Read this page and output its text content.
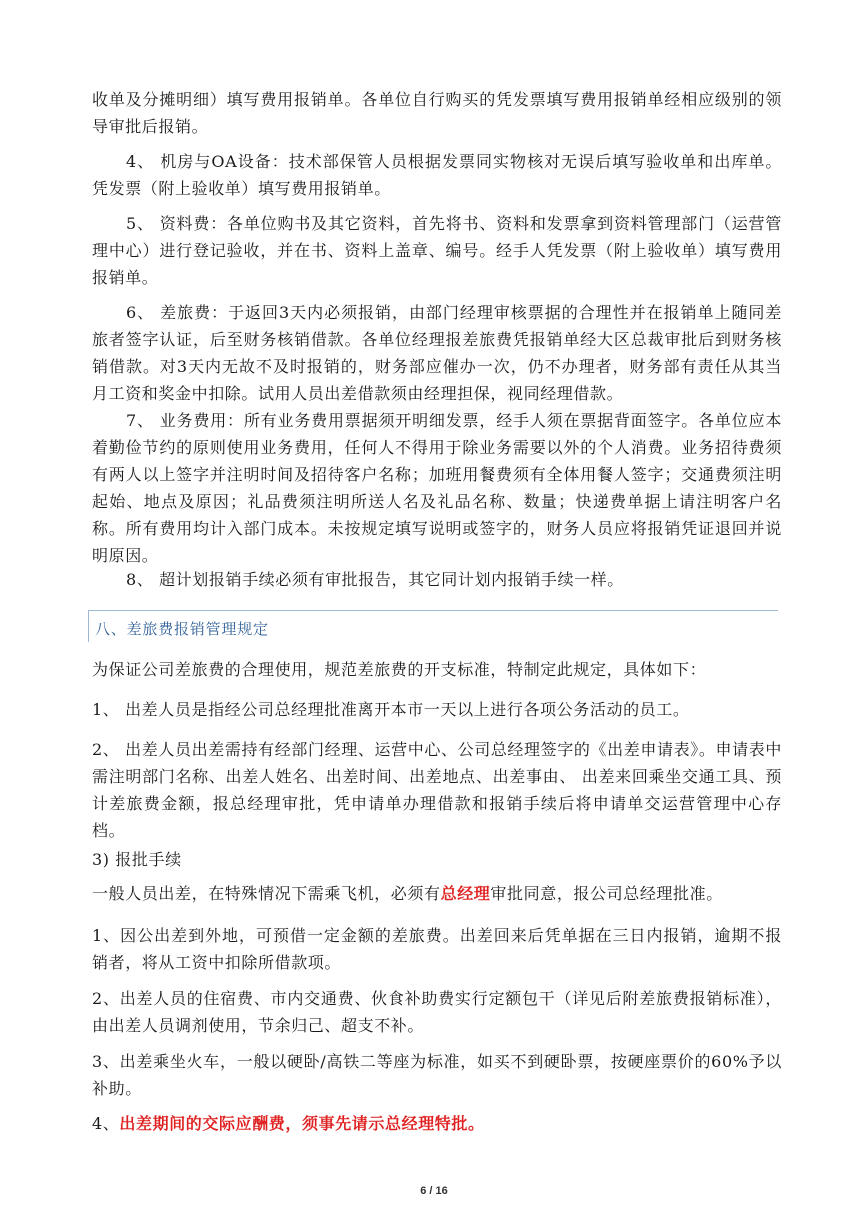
收单及分摊明细）填写费用报销单。各单位自行购买的凭发票填写费用报销单经相应级别的领导审批后报销。

4、 机房与OA设备：技术部保管人员根据发票同实物核对无误后填写验收单和出库单。凭发票（附上验收单）填写费用报销单。

5、 资料费：各单位购书及其它资料，首先将书、资料和发票拿到资料管理部门（运营管理中心）进行登记验收，并在书、资料上盖章、编号。经手人凭发票（附上验收单）填写费用报销单。

6、 差旅费：于返回3天内必须报销，由部门经理审核票据的合理性并在报销单上随同差旅者签字认证，后至财务核销借款。各单位经理报差旅费凭报销单经大区总裁审批后到财务核销借款。对3天内无故不及时报销的，财务部应催办一次，仍不办理者，财务部有责任从其当月工资和奖金中扣除。试用人员出差借款须由经理担保，视同经理借款。

7、 业务费用：所有业务费用票据须开明细发票，经手人须在票据背面签字。各单位应本着勤俭节约的原则使用业务费用，任何人不得用于除业务需要以外的个人消费。业务招待费须有两人以上签字并注明时间及招待客户名称；加班用餐费须有全体用餐人签字；交通费须注明起始、地点及原因；礼品费须注明所送人名及礼品名称、数量；快递费单据上请注明客户名称。所有费用均计入部门成本。未按规定填写说明或签字的，财务人员应将报销凭证退回并说明原因。

8、 超计划报销手续必须有审批报告，其它同计划内报销手续一样。

八、差旅费报销管理规定

为保证公司差旅费的合理使用，规范差旅费的开支标准，特制定此规定，具体如下：

1、 出差人员是指经公司总经理批准离开本市一天以上进行各项公务活动的员工。

2、 出差人员出差需持有经部门经理、运营中心、公司总经理签字的《出差申请表》。申请表中需注明部门名称、出差人姓名、出差时间、出差地点、出差事由、 出差来回乘坐交通工具、预计差旅费金额，报总经理审批，凭申请单办理借款和报销手续后将申请单交运营管理中心存档。

3) 报批手续

一般人员出差，在特殊情况下需乘飞机，必须有总经理审批同意，报公司总经理批准。

1、因公出差到外地，可预借一定金额的差旅费。出差回来后凭单据在三日内报销，逾期不报销者，将从工资中扣除所借款项。

2、出差人员的住宿费、市内交通费、伙食补助费实行定额包干（详见后附差旅费报销标准），由出差人员调剂使用，节余归己、超支不补。

3、出差乘坐火车，一般以硬卧/高铁二等座为标准，如买不到硬卧票，按硬座票价的60%予以补助。

4、出差期间的交际应酬费，须事先请示总经理特批。

6 / 16
